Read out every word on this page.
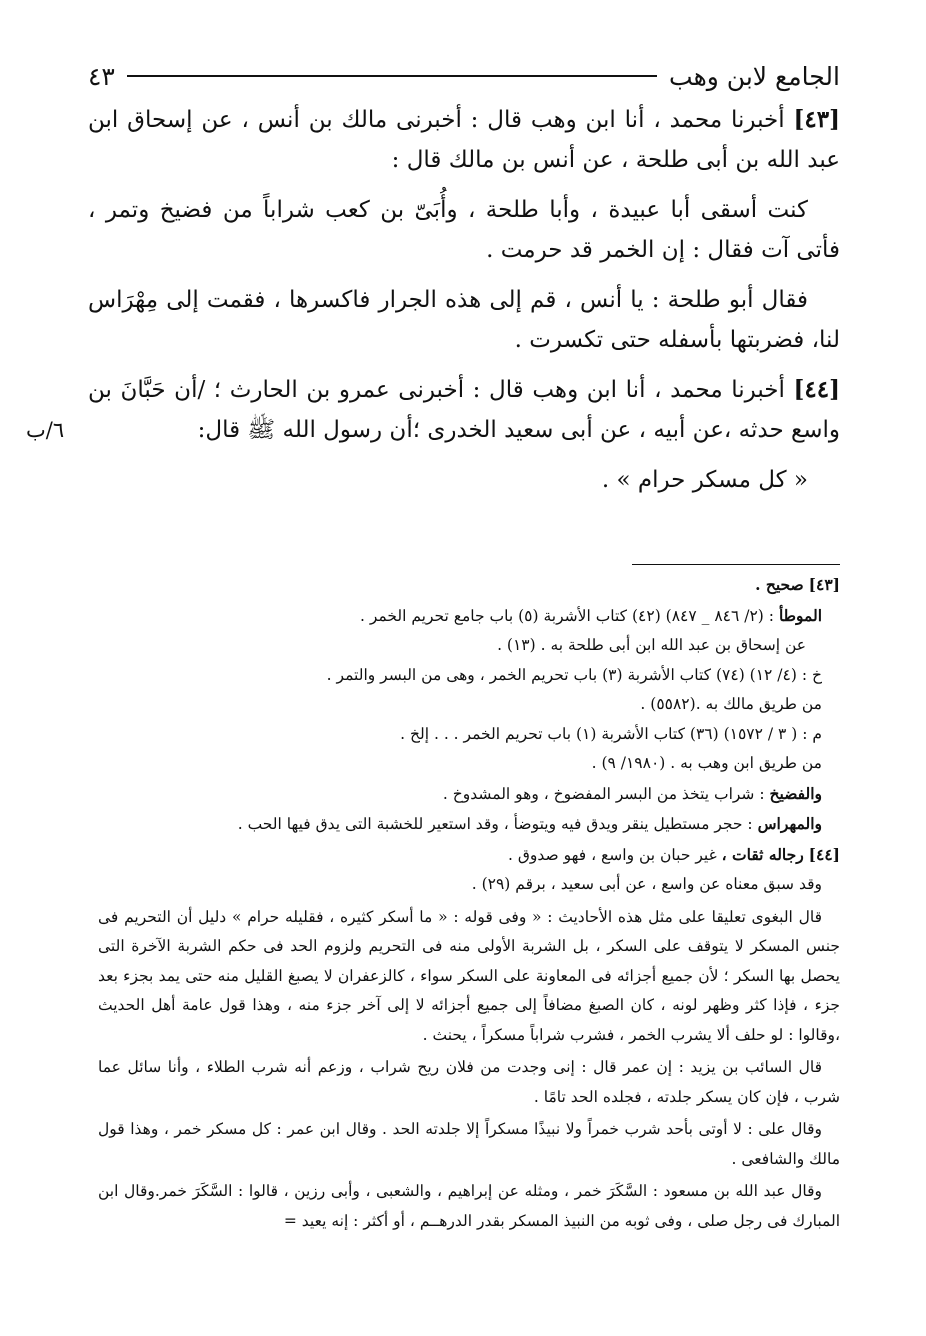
الجامع لابن وهب
٤٣
٦/ب

[٤٣] أخبرنا محمد ، أنا ابن وهب قال : أخبرنى مالك بن أنس ، عن إسحاق ابن عبد الله بن أبى طلحة ، عن أنس بن مالك قال :

كنت أسقى أبا عبيدة ، وأبا طلحة ، وأُبَىّ بن كعب شراباً من فضيخ وتمر ، فأتى آت فقال : إن الخمر قد حرمت .

فقال أبو طلحة : يا أنس ، قم إلى هذه الجرار فاكسرها ، فقمت إلى مِهْرَاس لنا، فضربتها بأسفله حتى تكسرت .

[٤٤] أخبرنا محمد ، أنا ابن وهب قال : أخبرنى عمرو بن الحارث ؛ /أن حَبَّانَ بن واسع حدثه ،عن أبيه ، عن أبى سعيد الخدرى ؛أن رسول الله ﷺ قال:

« كل مسكر حرام » .

[٤٣] صحيح .

الموطأ : (٢/ ٨٤٦ _ ٨٤٧) (٤٢) كتاب الأشربة (٥) باب جامع تحريم الخمر .

عن إسحاق بن عبد الله ابن أبى طلحة به . (١٣) .

خ : (٤/ ١٢) (٧٤) كتاب الأشربة (٣) باب تحريم الخمر ، وهى من البسر والتمر .

من طريق مالك به .(٥٥٨٢) .

م : ( ٣ / ١٥٧٢) (٣٦) كتاب الأشربة (١) باب تحريم الخمر . . . إلخ .

من طريق ابن وهب به . (١٩٨٠/ ٩) .

والفضيخ : شراب يتخذ من البسر المفضوخ ، وهو المشدوخ .

والمهراس : حجر مستطيل ينقر ويدق فيه ويتوضأ ، وقد استعير للخشبة التى يدق فيها الحب .

[٤٤] رجاله ثقات ، غير حبان بن واسع ، فهو صدوق .

وقد سبق معناه عن واسع ، عن أبى سعيد ، برقم (٢٩) .

قال البغوى تعليقا على مثل هذه الأحاديث : « وفى قوله : « ما أسكر كثيره ، فقليله حرام » دليل أن التحريم فى جنس المسكر لا يتوقف على السكر ، بل الشربة الأولى منه فى التحريم ولزوم الحد فى حكم الشربة الآخرة التى يحصل بها السكر ؛ لأن جميع أجزائه فى المعاونة على السكر سواء ، كالزعفران لا يصبغ القليل منه حتى يمد بجزء بعد جزء ، فإذا كثر وظهر لونه ، كان الصبغ مضافاً إلى جميع أجزائه لا إلى آخر جزء منه ، وهذا قول عامة أهل الحديث ،وقالوا : لو حلف ألا يشرب الخمر ، فشرب شراباً مسكراً ، يحنث .

قال السائب بن يزيد : إن عمر قال : إنى وجدت من فلان ريح شراب ، وزعم أنه شرب الطلاء ، وأنا سائل عما شرب ، فإن كان يسكر جلدته ، فجلده الحد تامًا .

وقال على : لا أوتى بأحد شرب خمراً ولا نبيذًا مسكراً إلا جلدته الحد . وقال ابن عمر : كل مسكر خمر ، وهذا قول مالك والشافعى .

وقال عبد الله بن مسعود : السَّكَرَ خمر ، ومثله عن إبراهيم ، والشعبى ، وأبى رزين ، قالوا : السَّكَرَ خمر.وقال ابن المبارك فى رجل صلى ، وفى ثوبه من النبيذ المسكر بقدر الدرهــم ، أو أكثر : إنه يعيد =
